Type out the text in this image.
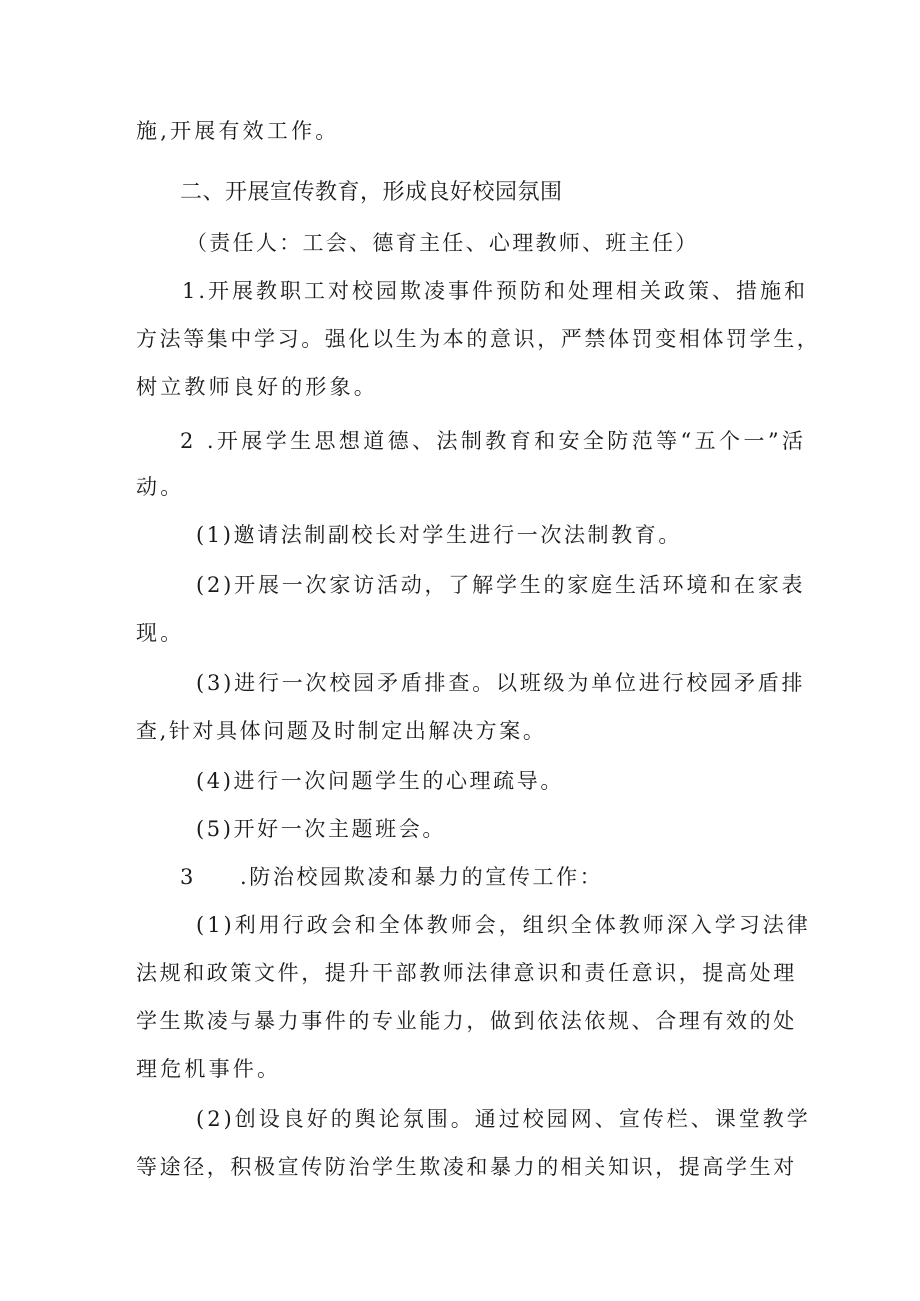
施,开展有效工作。
二、开展宣传教育，形成良好校园氛围
（责任人：工会、德育主任、心理教师、班主任）
1.开展教职工对校园欺凌事件预防和处理相关政策、措施和
方法等集中学习。强化以生为本的意识，严禁体罚变相体罚学生，
树立教师良好的形象。
2 .开展学生思想道德、法制教育和安全防范等“五个一”活
动。
(1)邀请法制副校长对学生进行一次法制教育。
(2)开展一次家访活动，了解学生的家庭生活环境和在家表
现。
(3)进行一次校园矛盾排查。以班级为单位进行校园矛盾排
查,针对具体问题及时制定出解决方案。
(4)进行一次问题学生的心理疏导。
(5)开好一次主题班会。
3	.防治校园欺凌和暴力的宣传工作：
(1)利用行政会和全体教师会，组织全体教师深入学习法律
法规和政策文件，提升干部教师法律意识和责任意识，提高处理
学生欺凌与暴力事件的专业能力，做到依法依规、合理有效的处
理危机事件。
(2)创设良好的舆论氛围。通过校园网、宣传栏、课堂教学
等途径，积极宣传防治学生欺凌和暴力的相关知识，提高学生对
